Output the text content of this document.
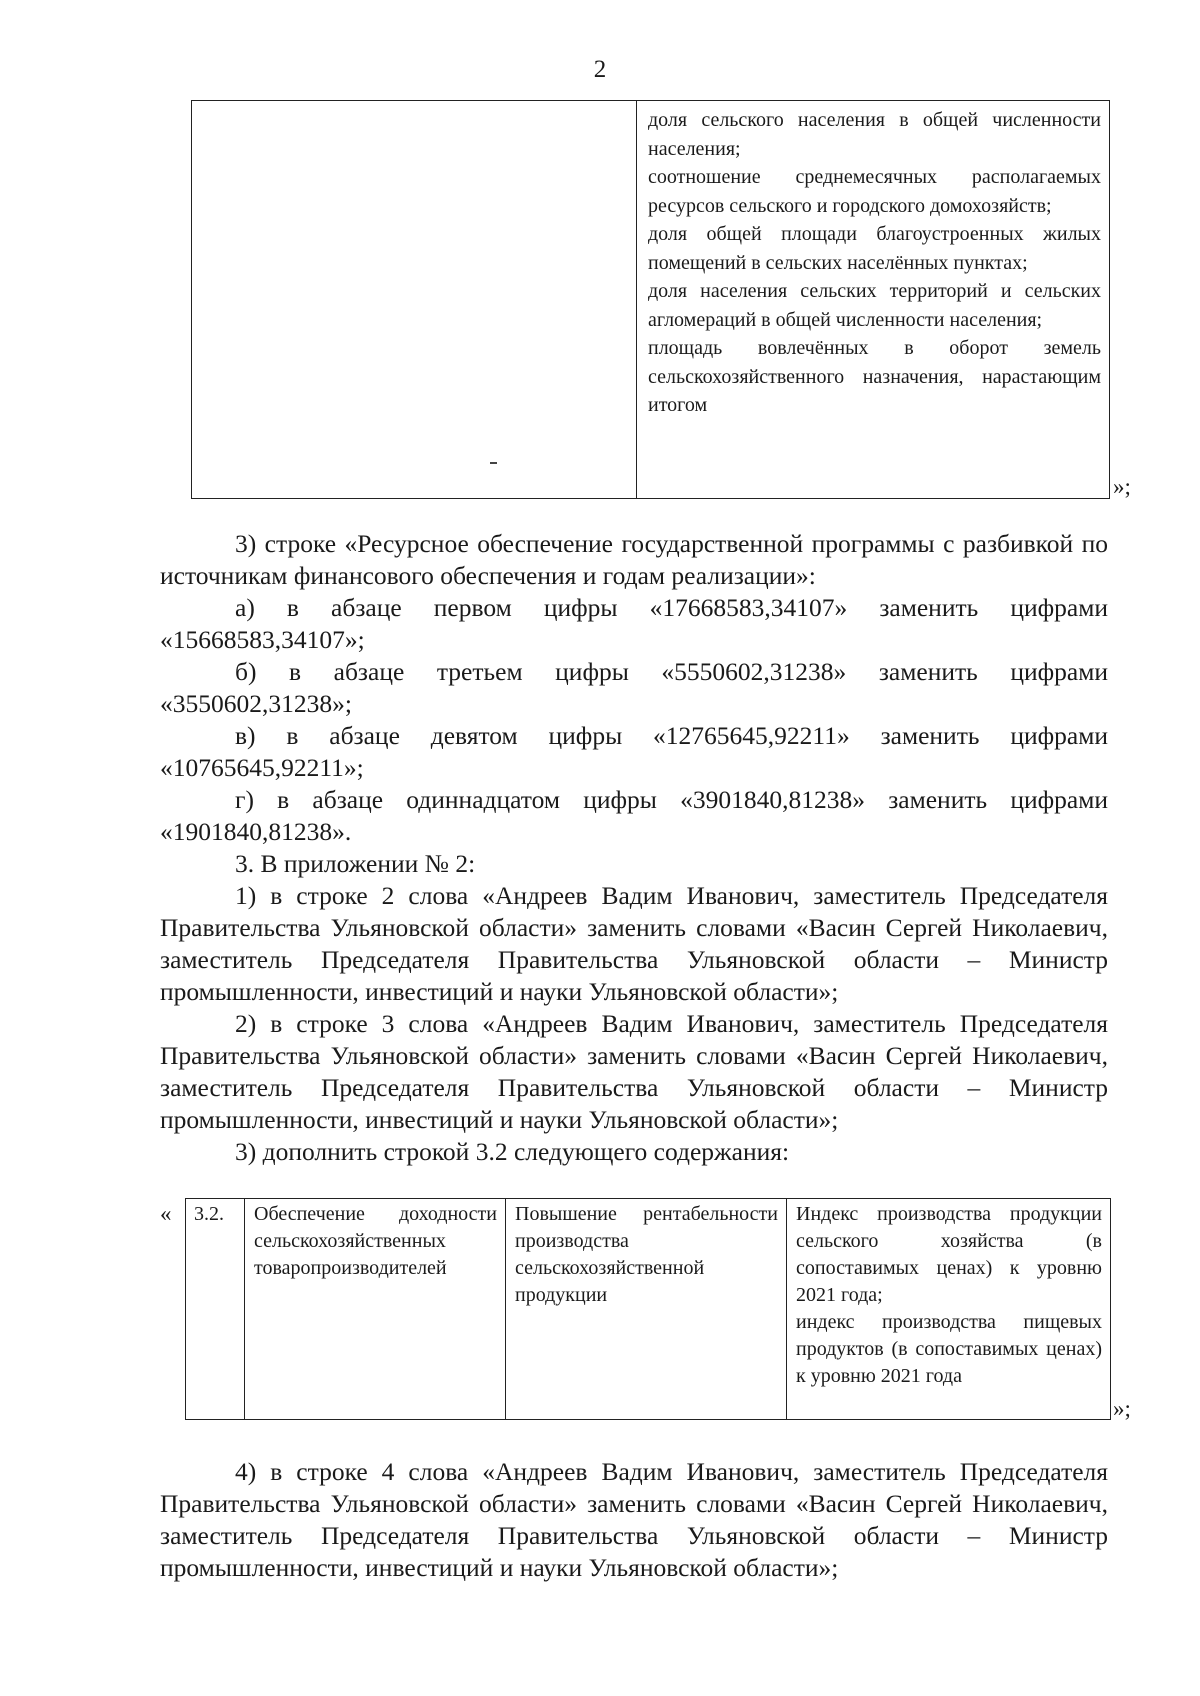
2

доля сельского населения в общей численности населения;

соотношение среднемесячных располагаемых ресурсов сельского и городского домохозяйств;

доля общей площади благоустроенных жилых помещений в сельских населённых пунктах;

доля населения сельских территорий и сельских агломераций в общей численности населения;

площадь вовлечённых в оборот земель сельскохозяйственного назначения, нарастающим итогом

»;

3) строке «Ресурсное обеспечение государственной программы с разбивкой по источникам финансового обеспечения и годам реализации»:

а) в абзаце первом цифры «17668583,34107» заменить цифрами «15668583,34107»;

б) в абзаце третьем цифры «5550602,31238» заменить цифрами «3550602,31238»;

в) в абзаце девятом цифры «12765645,92211» заменить цифрами «10765645,92211»;

г) в абзаце одиннадцатом цифры «3901840,81238» заменить цифрами «1901840,81238».

3. В приложении № 2:

1) в строке 2 слова «Андреев Вадим Иванович, заместитель Председателя Правительства Ульяновской области» заменить словами «Васин Сергей Николаевич, заместитель Председателя Правительства Ульяновской области – Министр промышленности, инвестиций и науки Ульяновской области»;

2) в строке 3 слова «Андреев Вадим Иванович, заместитель Председателя Правительства Ульяновской области» заменить словами «Васин Сергей Николаевич, заместитель Председателя Правительства Ульяновской области – Министр промышленности, инвестиций и науки Ульяновской области»;

3) дополнить строкой 3.2 следующего содержания:

« 3.2.	Обеспечение доходности сельскохозяйственных товаропроизводителей

Повышение рентабельности производства сельскохозяйственной продукции

Индекс производства продукции сельского хозяйства (в сопоставимых ценах) к уровню 2021 года;

индекс производства пищевых продуктов (в сопоставимых ценах) к уровню 2021 года

»;

4) в строке 4 слова «Андреев Вадим Иванович, заместитель Председателя Правительства Ульяновской области» заменить словами «Васин Сергей Николаевич, заместитель Председателя Правительства Ульяновской области – Министр промышленности, инвестиций и науки Ульяновской области»;
